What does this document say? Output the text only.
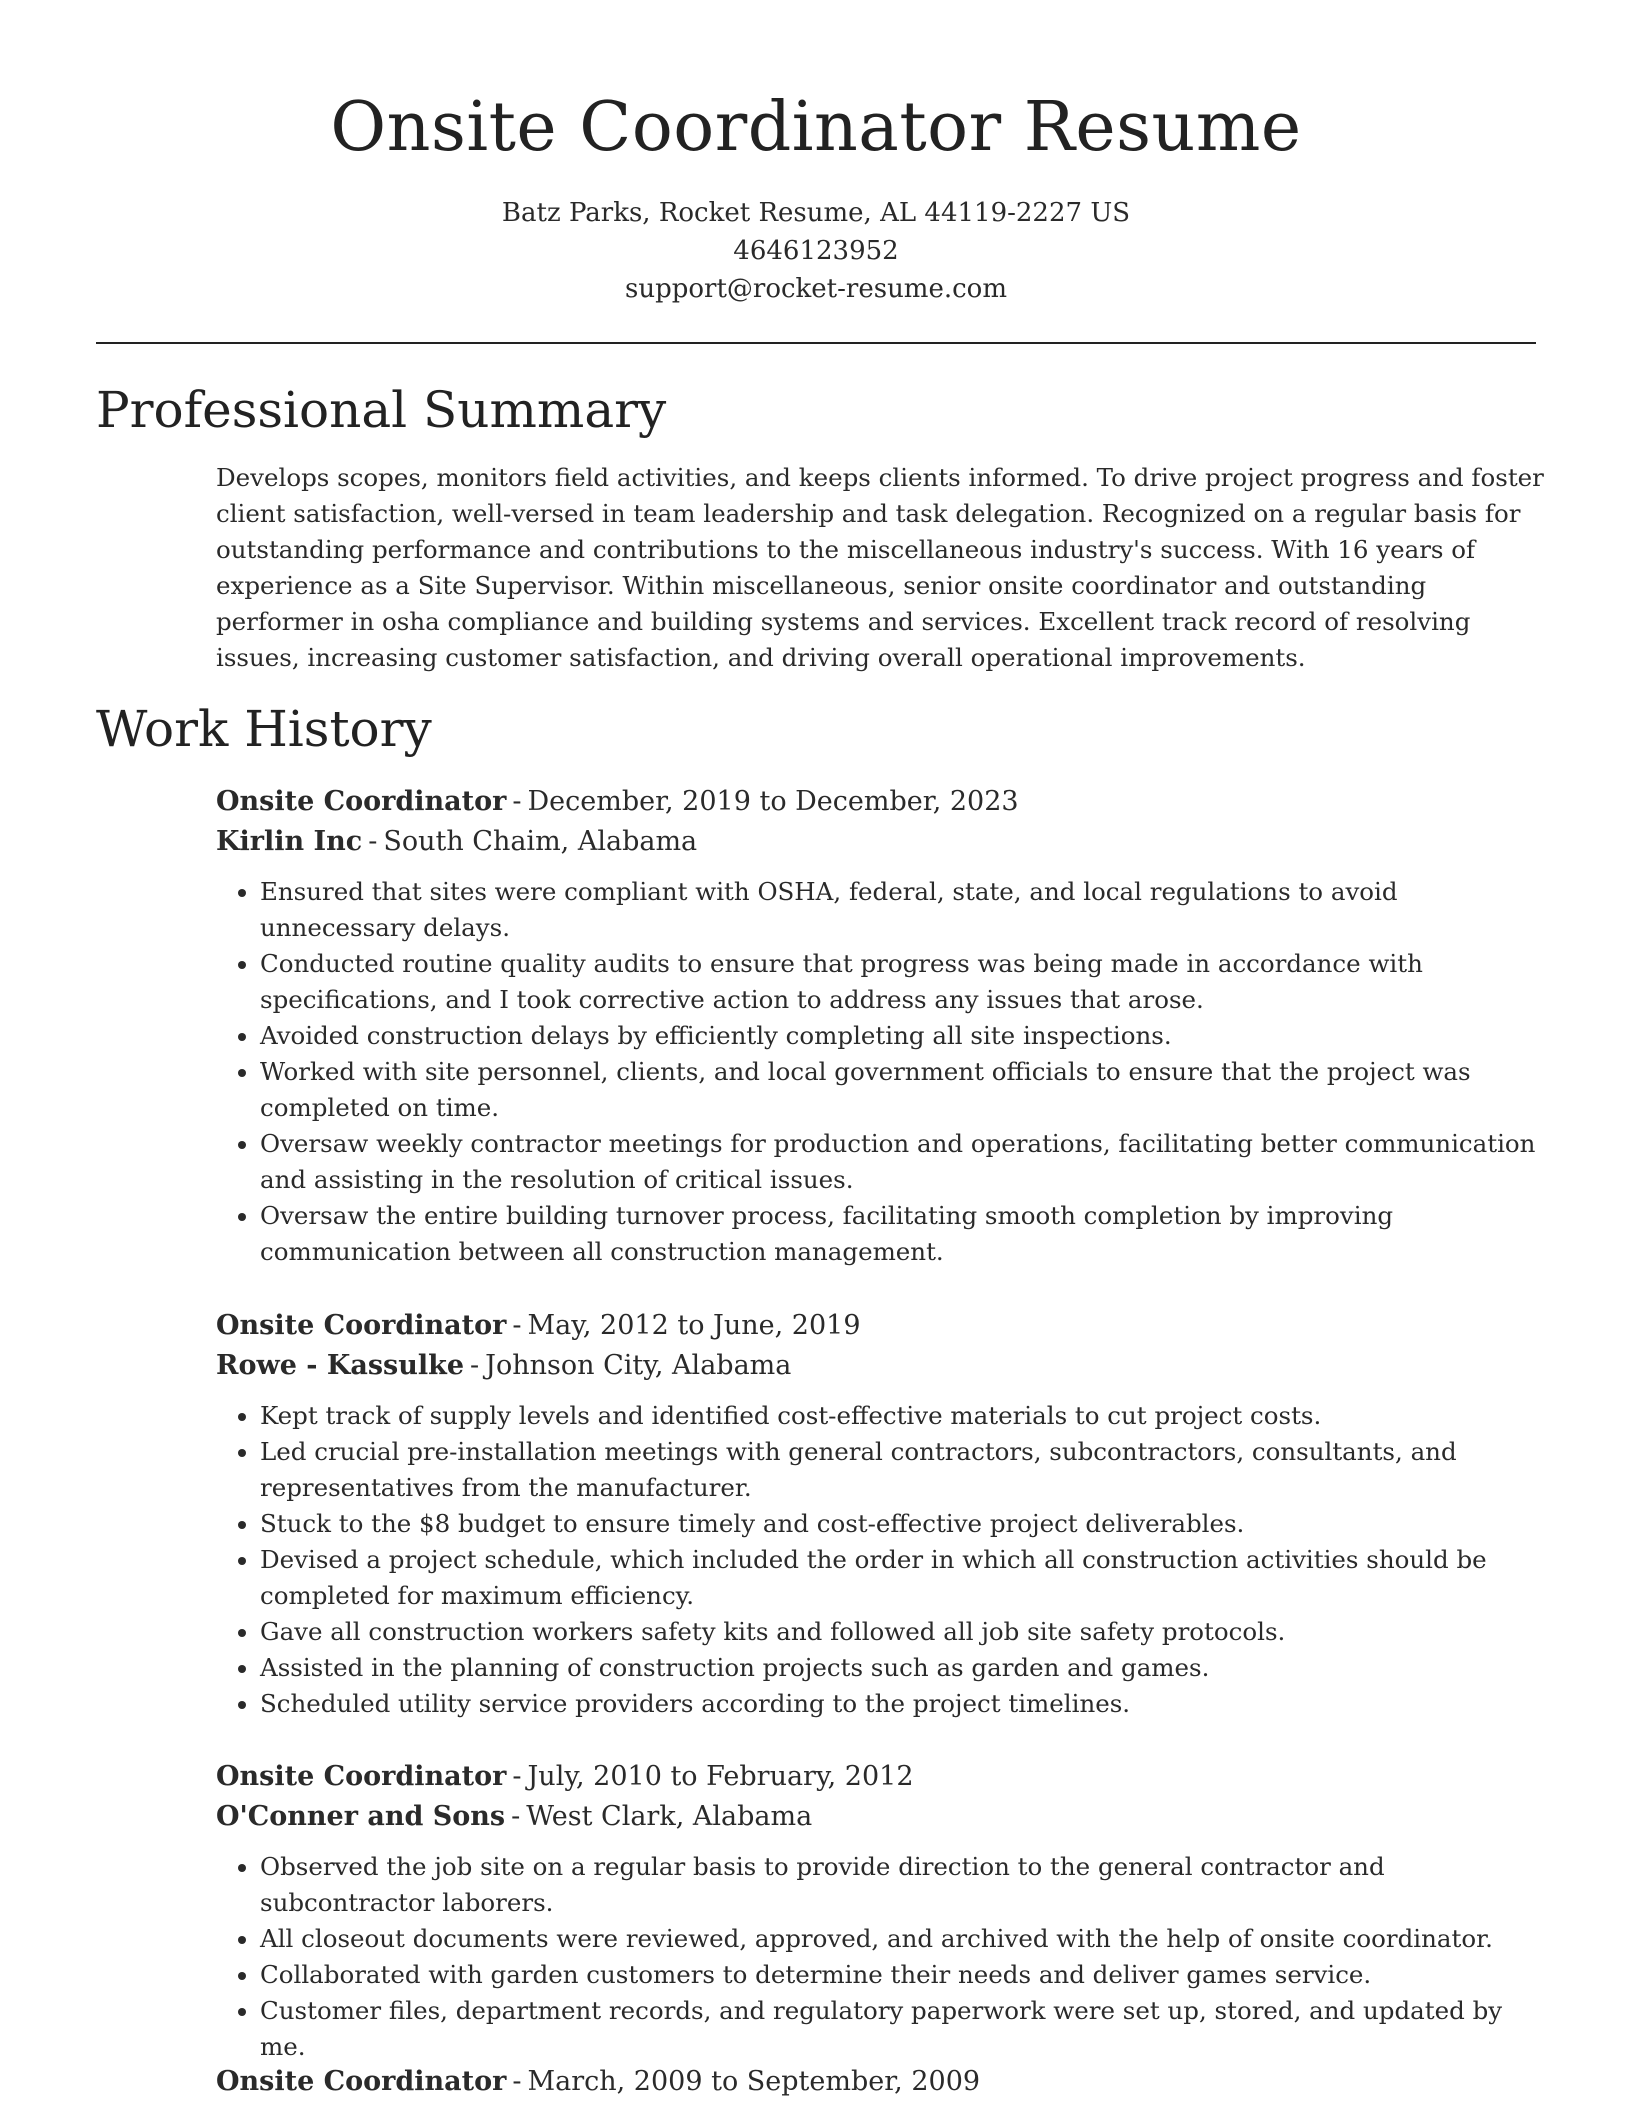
Onsite Coordinator Resume
Batz Parks, Rocket Resume, AL 44119-2227 US
4646123952
support@rocket-resume.com
Professional Summary

Develops scopes, monitors field activities, and keeps clients informed. To drive project progress and foster client satisfaction, well-versed in team leadership and task delegation. Recognized on a regular basis for outstanding performance and contributions to the miscellaneous industry's success. With 16 years of experience as a Site Supervisor. Within miscellaneous, senior onsite coordinator and outstanding performer in osha compliance and building systems and services. Excellent track record of resolving issues, increasing customer satisfaction, and driving overall operational improvements.

Work History
Onsite Coordinator - December, 2019 to December, 2023
Kirlin Inc - South Chaim, Alabama
• Ensured that sites were compliant with OSHA, federal, state, and local regulations to avoid unnecessary delays.
• Conducted routine quality audits to ensure that progress was being made in accordance with specifications, and I took corrective action to address any issues that arose.
• Avoided construction delays by efficiently completing all site inspections.
• Worked with site personnel, clients, and local government officials to ensure that the project was completed on time.
• Oversaw weekly contractor meetings for production and operations, facilitating better communication and assisting in the resolution of critical issues.
• Oversaw the entire building turnover process, facilitating smooth completion by improving communication between all construction management.
Onsite Coordinator - May, 2012 to June, 2019
Rowe - Kassulke - Johnson City, Alabama
• Kept track of supply levels and identified cost-effective materials to cut project costs.
• Led crucial pre-installation meetings with general contractors, subcontractors, consultants, and representatives from the manufacturer.
• Stuck to the $8 budget to ensure timely and cost-effective project deliverables.
• Devised a project schedule, which included the order in which all construction activities should be completed for maximum efficiency.
• Gave all construction workers safety kits and followed all job site safety protocols.
• Assisted in the planning of construction projects such as garden and games.
• Scheduled utility service providers according to the project timelines.
Onsite Coordinator - July, 2010 to February, 2012
O'Conner and Sons - West Clark, Alabama
• Observed the job site on a regular basis to provide direction to the general contractor and subcontractor laborers.
• All closeout documents were reviewed, approved, and archived with the help of onsite coordinator.
• Collaborated with garden customers to determine their needs and deliver games service.
• Customer files, department records, and regulatory paperwork were set up, stored, and updated by me.
Onsite Coordinator - March, 2009 to September, 2009
